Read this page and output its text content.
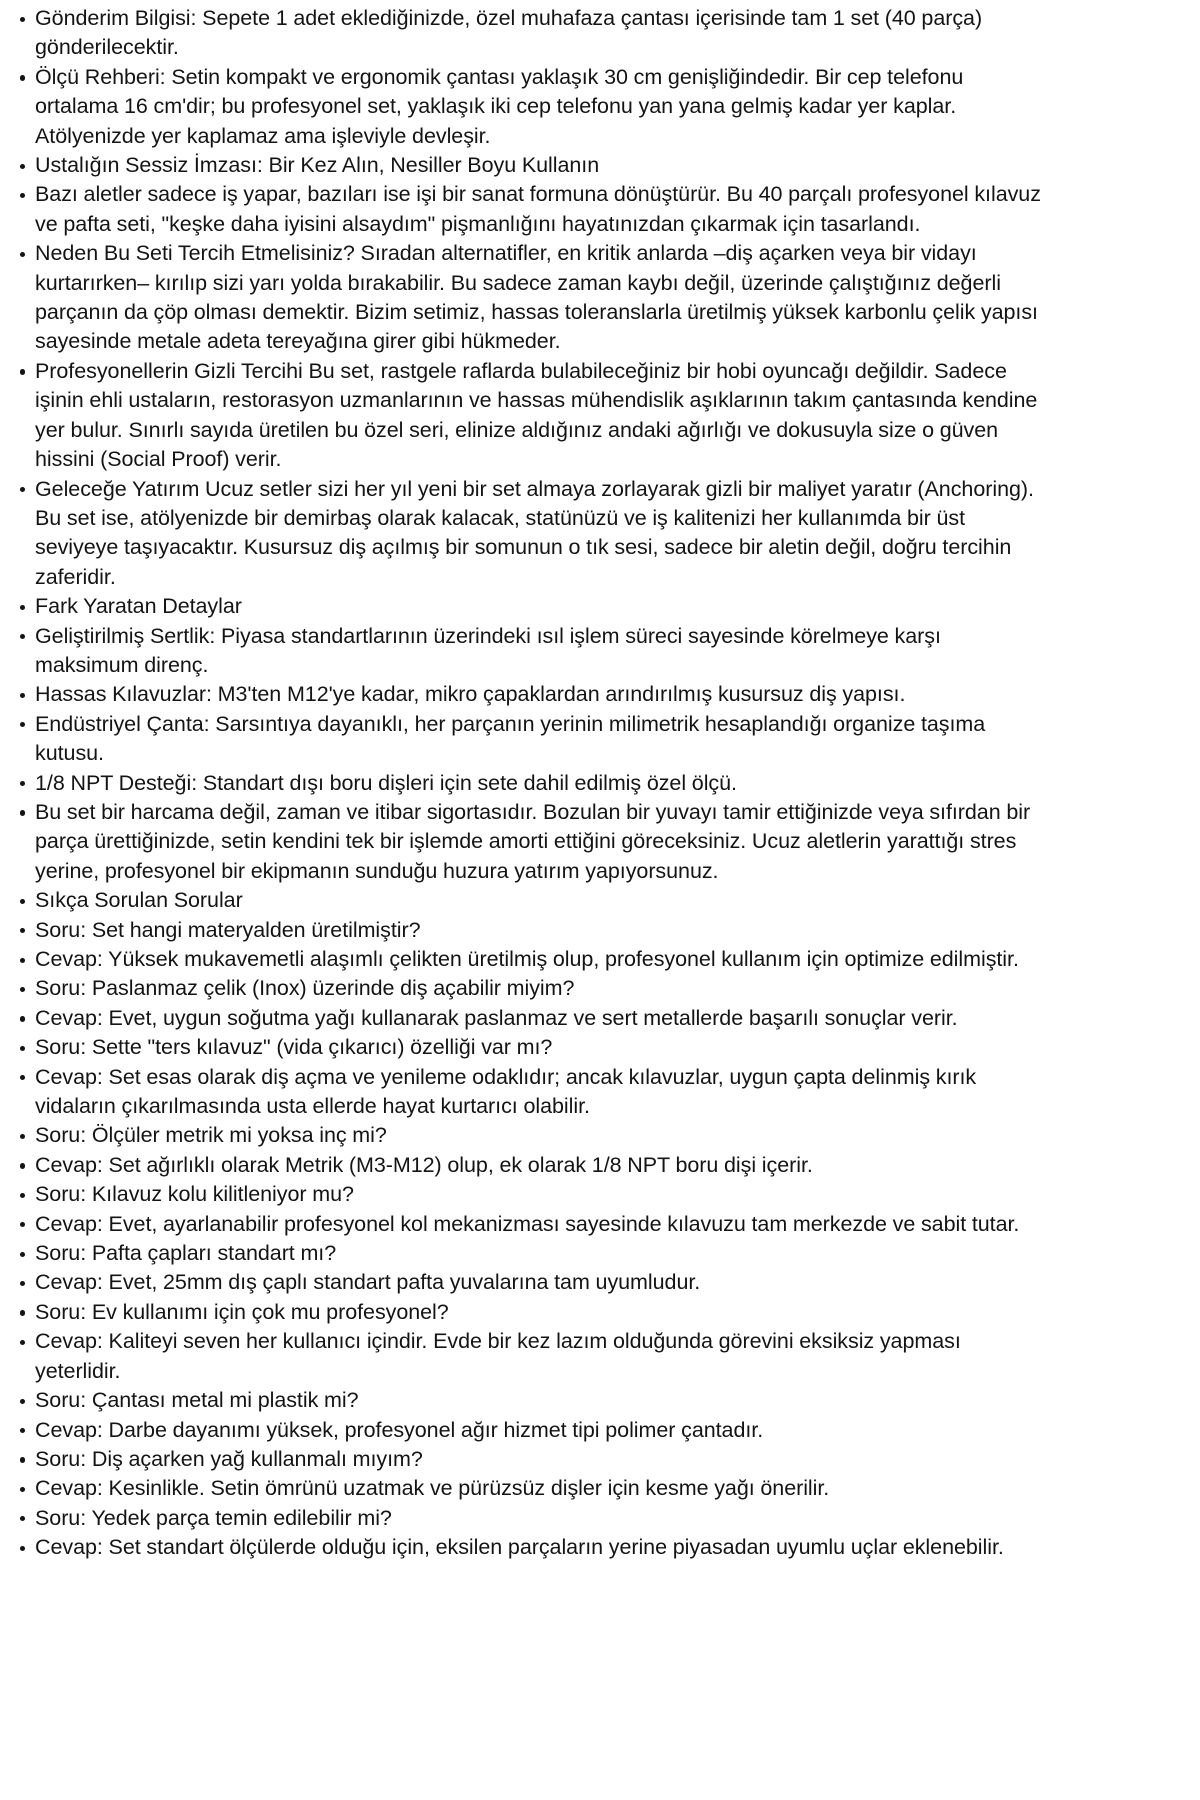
Gönderim Bilgisi: Sepete 1 adet eklediğinizde, özel muhafaza çantası içerisinde tam 1 set (40 parça) gönderilecektir.
Ölçü Rehberi: Setin kompakt ve ergonomik çantası yaklaşık 30 cm genişliğindedir. Bir cep telefonu ortalama 16 cm'dir; bu profesyonel set, yaklaşık iki cep telefonu yan yana gelmiş kadar yer kaplar. Atölyenizde yer kaplamaz ama işleviyle devleşir.
Ustalığın Sessiz İmzası: Bir Kez Alın, Nesiller Boyu Kullanın
Bazı aletler sadece iş yapar, bazıları ise işi bir sanat formuna dönüştürür. Bu 40 parçalı profesyonel kılavuz ve pafta seti, "keşke daha iyisini alsaydım" pişmanlığını hayatınızdan çıkarmak için tasarlandı.
Neden Bu Seti Tercih Etmelisiniz? Sıradan alternatifler, en kritik anlarda –diş açarken veya bir vidayı kurtarırken– kırılıp sizi yarı yolda bırakabilir. Bu sadece zaman kaybı değil, üzerinde çalıştığınız değerli parçanın da çöp olması demektir. Bizim setimiz, hassas toleranslarla üretilmiş yüksek karbonlu çelik yapısı sayesinde metale adeta tereyağına girer gibi hükmeder.
Profesyonellerin Gizli Tercihi Bu set, rastgele raflarda bulabileceğiniz bir hobi oyuncağı değildir. Sadece işinin ehli ustaların, restorasyon uzmanlarının ve hassas mühendislik aşıklarının takım çantasında kendine yer bulur. Sınırlı sayıda üretilen bu özel seri, elinize aldığınız andaki ağırlığı ve dokusuyla size o güven hissini (Social Proof) verir.
Geleceğe Yatırım Ucuz setler sizi her yıl yeni bir set almaya zorlayarak gizli bir maliyet yaratır (Anchoring). Bu set ise, atölyenizde bir demirbaş olarak kalacak, statünüzü ve iş kalitenizi her kullanımda bir üst seviyeye taşıyacaktır. Kusursuz diş açılmış bir somunun o tık sesi, sadece bir aletin değil, doğru tercihin zaferidir.
Fark Yaratan Detaylar
Geliştirilmiş Sertlik: Piyasa standartlarının üzerindeki ısıl işlem süreci sayesinde körelmeye karşı maksimum direnç.
Hassas Kılavuzlar: M3'ten M12'ye kadar, mikro çapaklardan arındırılmış kusursuz diş yapısı.
Endüstriyel Çanta: Sarsıntıya dayanıklı, her parçanın yerinin milimetrik hesaplandığı organize taşıma kutusu.
1/8 NPT Desteği: Standart dışı boru dişleri için sete dahil edilmiş özel ölçü.
Bu set bir harcama değil, zaman ve itibar sigortasıdır. Bozulan bir yuvayı tamir ettiğinizde veya sıfırdan bir parça ürettiğinizde, setin kendini tek bir işlemde amorti ettiğini göreceksiniz. Ucuz aletlerin yarattığı stres yerine, profesyonel bir ekipmanın sunduğu huzura yatırım yapıyorsunuz.
Sıkça Sorulan Sorular
Soru: Set hangi materyalden üretilmiştir?
Cevap: Yüksek mukavemetli alaşımlı çelikten üretilmiş olup, profesyonel kullanım için optimize edilmiştir.
Soru: Paslanmaz çelik (Inox) üzerinde diş açabilir miyim?
Cevap: Evet, uygun soğutma yağı kullanarak paslanmaz ve sert metallerde başarılı sonuçlar verir.
Soru: Sette "ters kılavuz" (vida çıkarıcı) özelliği var mı?
Cevap: Set esas olarak diş açma ve yenileme odaklıdır; ancak kılavuzlar, uygun çapta delinmiş kırık vidaların çıkarılmasında usta ellerde hayat kurtarıcı olabilir.
Soru: Ölçüler metrik mi yoksa inç mi?
Cevap: Set ağırlıklı olarak Metrik (M3-M12) olup, ek olarak 1/8 NPT boru dişi içerir.
Soru: Kılavuz kolu kilitleniyor mu?
Cevap: Evet, ayarlanabilir profesyonel kol mekanizması sayesinde kılavuzu tam merkezde ve sabit tutar.
Soru: Pafta çapları standart mı?
Cevap: Evet, 25mm dış çaplı standart pafta yuvalarına tam uyumludur.
Soru: Ev kullanımı için çok mu profesyonel?
Cevap: Kaliteyi seven her kullanıcı içindir. Evde bir kez lazım olduğunda görevini eksiksiz yapması yeterlidir.
Soru: Çantası metal mi plastik mi?
Cevap: Darbe dayanımı yüksek, profesyonel ağır hizmet tipi polimer çantadır.
Soru: Diş açarken yağ kullanmalı mıyım?
Cevap: Kesinlikle. Setin ömrünü uzatmak ve pürüzsüz dişler için kesme yağı önerilir.
Soru: Yedek parça temin edilebilir mi?
Cevap: Set standart ölçülerde olduğu için, eksilen parçaların yerine piyasadan uyumlu uçlar eklenebilir.
